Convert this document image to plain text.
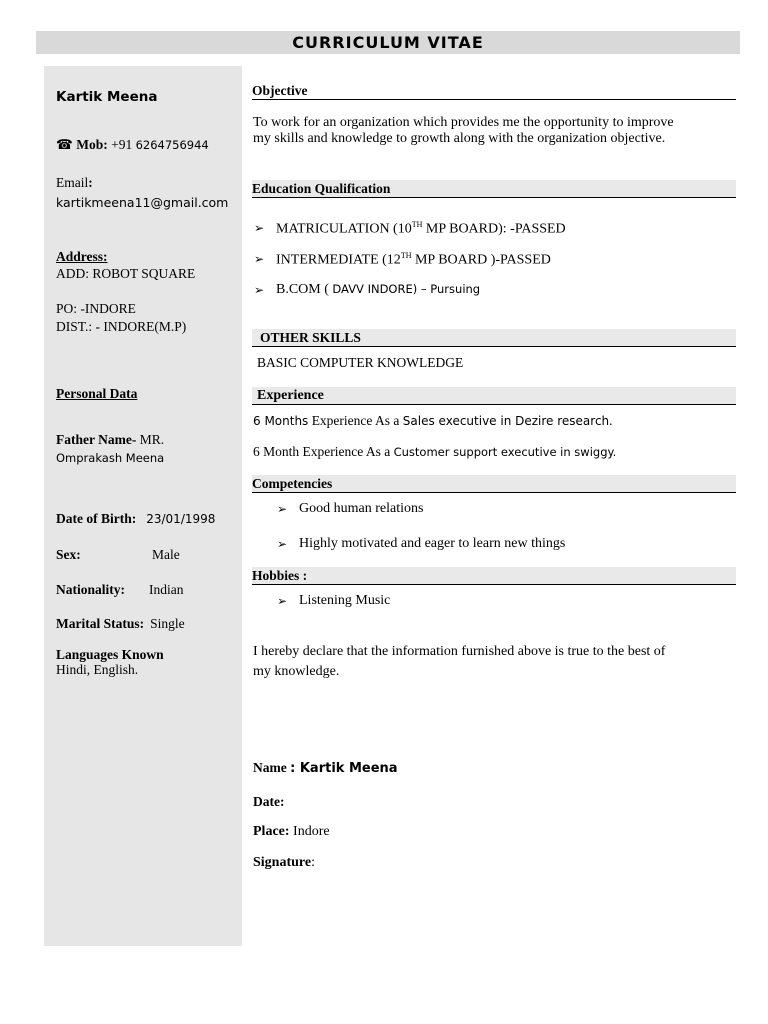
CURRICULUM VITAE
Kartik Meena
☎ Mob: +91 6264756944
Email:
kartikmeena11@gmail.com
Address:
ADD: ROBOT SQUARE
PO: -INDORE
DIST.: - INDORE(M.P)
Personal Data
Father Name- MR.
Omprakash Meena
Date of Birth: 23/01/1998
Sex:	Male
Nationality: Indian
Marital Status: Single
Languages Known
Hindi, English.
Objective
To work for an organization which provides me the opportunity to improve
my skills and knowledge to growth along with the organization objective.
Education Qualification
➢ MATRICULATION (10TH MP BOARD): -PASSED
➢ INTERMEDIATE (12TH MP BOARD )-PASSED
➢ B.COM ( DAVV INDORE) – Pursuing
OTHER SKILLS
BASIC COMPUTER KNOWLEDGE
Experience
6 Months Experience As a Sales executive in Dezire research.
6 Month Experience As a Customer support executive in swiggy.
Competencies
➢ Good human relations
➢ Highly motivated and eager to learn new things
Hobbies :
➢ Listening Music
I hereby declare that the information furnished above is true to the best of
my knowledge.
Name : Kartik Meena
Date:
Place: Indore
Signature:
